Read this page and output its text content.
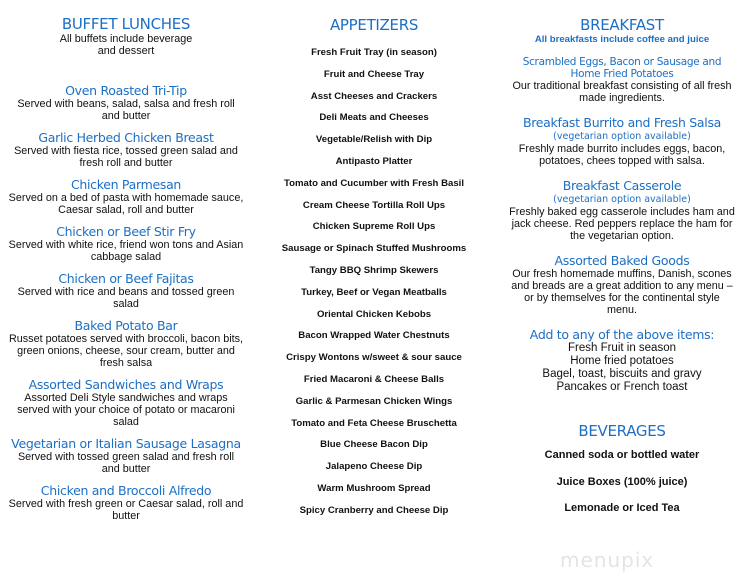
menupix
BUFFET LUNCHES
All buffets include beverage
and dessert
Oven Roasted Tri-Tip
Served with beans, salad, salsa and fresh roll and butter
Garlic Herbed Chicken Breast
Served with fiesta rice, tossed green salad and fresh roll and butter
Chicken Parmesan
Served on a bed of pasta with homemade sauce, Caesar salad, roll and butter
Chicken or Beef Stir Fry
Served with white rice, friend won tons and Asian cabbage salad
Chicken or Beef Fajitas
Served with rice and beans and tossed green salad
Baked Potato Bar
Russet potatoes served with broccoli, bacon bits, green onions, cheese, sour cream, butter and fresh salsa
Assorted Sandwiches and Wraps
Assorted Deli Style sandwiches and wraps served with your choice of potato or macaroni salad
Vegetarian or Italian Sausage Lasagna
Served with tossed green salad and fresh roll and butter
Chicken and Broccoli Alfredo
Served with fresh green or Caesar salad, roll and butter
APPETIZERS
Fresh Fruit Tray (in season)
Fruit and Cheese Tray
Asst Cheeses and Crackers
Deli Meats and Cheeses
Vegetable/Relish with Dip
Antipasto Platter
Tomato and Cucumber with Fresh Basil
Cream Cheese Tortilla Roll Ups
Chicken Supreme Roll Ups
Sausage or Spinach Stuffed Mushrooms
Tangy BBQ Shrimp Skewers
Turkey, Beef or Vegan Meatballs
Oriental Chicken Kebobs
Bacon Wrapped Water Chestnuts
Crispy Wontons w/sweet & sour sauce
Fried Macaroni & Cheese Balls
Garlic & Parmesan Chicken Wings
Tomato and Feta Cheese Bruschetta
Blue Cheese Bacon Dip
Jalapeno Cheese Dip
Warm Mushroom Spread
Spicy Cranberry and Cheese Dip
BREAKFAST
All breakfasts include coffee and juice
Scrambled Eggs, Bacon or Sausage and Home Fried Potatoes
Our traditional breakfast consisting of all fresh made ingredients.
Breakfast Burrito and Fresh Salsa
(vegetarian option available)
Freshly made burrito includes eggs, bacon, potatoes, chees topped with salsa.
Breakfast Casserole
(vegetarian option available)
Freshly baked egg casserole includes ham and jack cheese. Red peppers replace the ham for the vegetarian option.
Assorted Baked Goods
Our fresh homemade muffins, Danish, scones and breads are a great addition to any menu – or by themselves for the continental style menu.
Add to any of the above items:
Fresh Fruit in season
Home fried potatoes
Bagel, toast, biscuits and gravy
Pancakes or French toast
BEVERAGES
Canned soda or bottled water
Juice Boxes (100% juice)
Lemonade or Iced Tea
